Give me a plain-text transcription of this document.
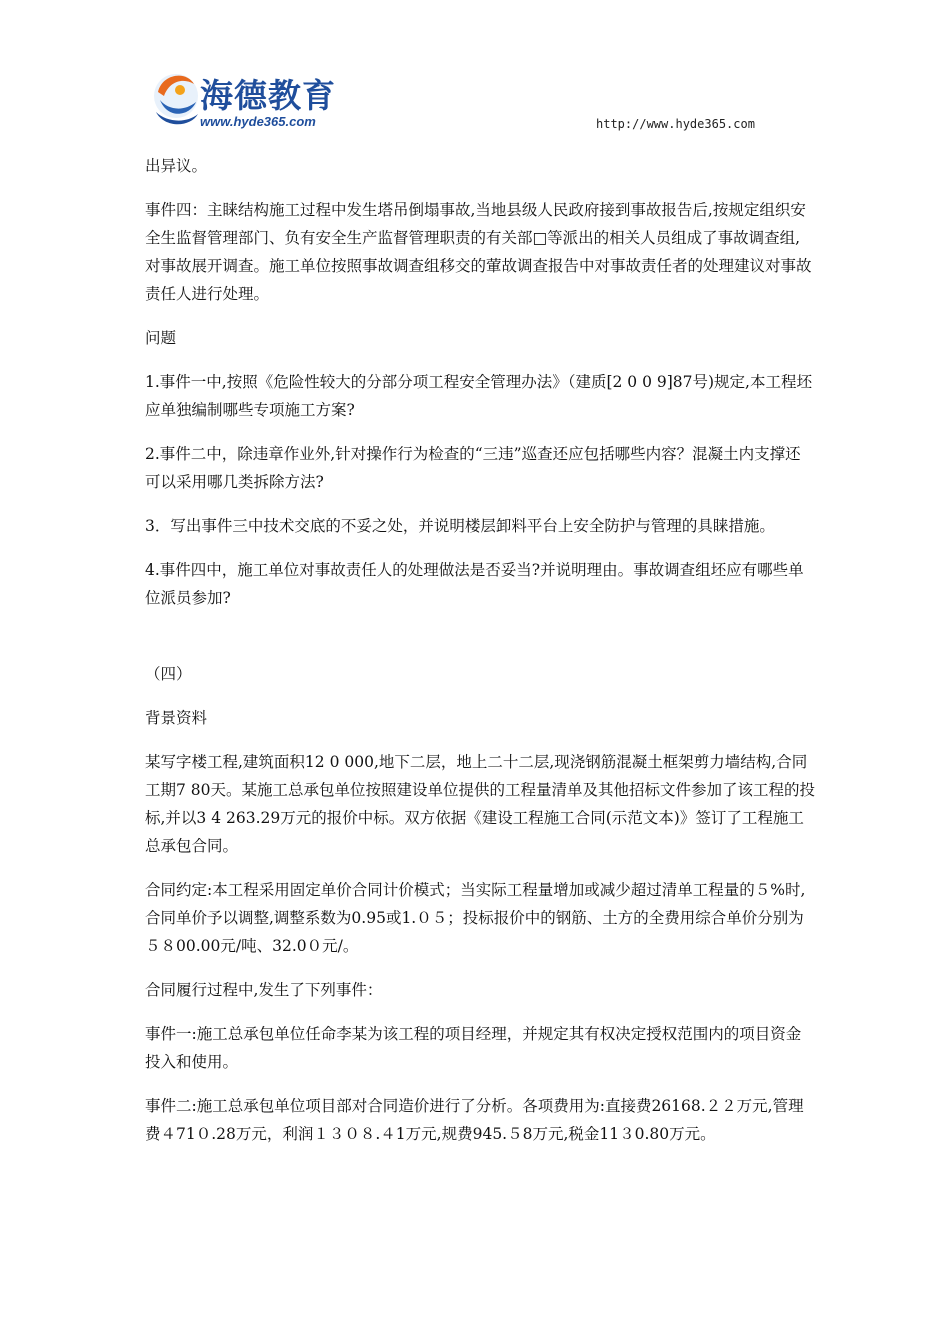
海德教育
www.hyde365.com	http://www.hyde365.com

出异议。

事件四：主睐结构施工过程中发生塔吊倒塌事故,当地县级人民政府接到事故报告后,按规定组织安全生监督管理部门、负有安全生产监督管理职责的有关部□等派出的相关人员组成了事故调查组,对事故展开调查。施工单位按照事故调查组移交的葷故调查报告中对事故责任者的处理建议对事故责任人进行处理。

问题

1.事件一中,按照《危险性较大的分部分项工程安全管理办法》（建质[2 0 0 9]87号)规定,本工程坯应单独编制哪些专项施工方案?

2.事件二中，除违章作业外,针对操作行为检查的“三违”巡查还应包括哪些内容？混凝土内支撑还可以采用哪几类拆除方法?

3．写出事件三中技术交底的不妥之处，并说明楼层卸料平台上安全防护与管理的具睐措施。

4.事件四中，施工单位对事故责任人的处理做法是否妥当?并说明理由。事故调查组坯应有哪些单位派员参加?

（四）

背景资料

某写字楼工程,建筑面积12 0 000,地下二层，地上二十二层,现浇钢筋混凝土框架剪力墙结构,合同工期7 80天。某施工总承包单位按照建设单位提供的工程量清单及其他招标文件参加了该工程的投标,并以3 4 263.29万元的报价中标。双方依据《建设工程施工合同(示范文本)》签订了工程施工总承包合同。

合同约定:本工程采用固定单价合同计价模式；当实际工程量增加或减少超过清单工程量的５%时,合同单价予以调整,调整系数为0.95或1.０５；投标报价中的钢筋、土方的全费用综合单价分别为５８00.00元/吨、32.0０元/。

合同履行过程中,发生了下列事件：

事件一:施工总承包单位任命李某为该工程的项目经理，并规定其有权决定授权范围内的项目资金投入和使用。

事件二:施工总承包单位项目部对合同造价进行了分析。各项费用为:直接费26168.２２万元,管理费４71０.28万元，利润１３０８.４1万元,规费945.５8万元,税金11３0.80万元。
